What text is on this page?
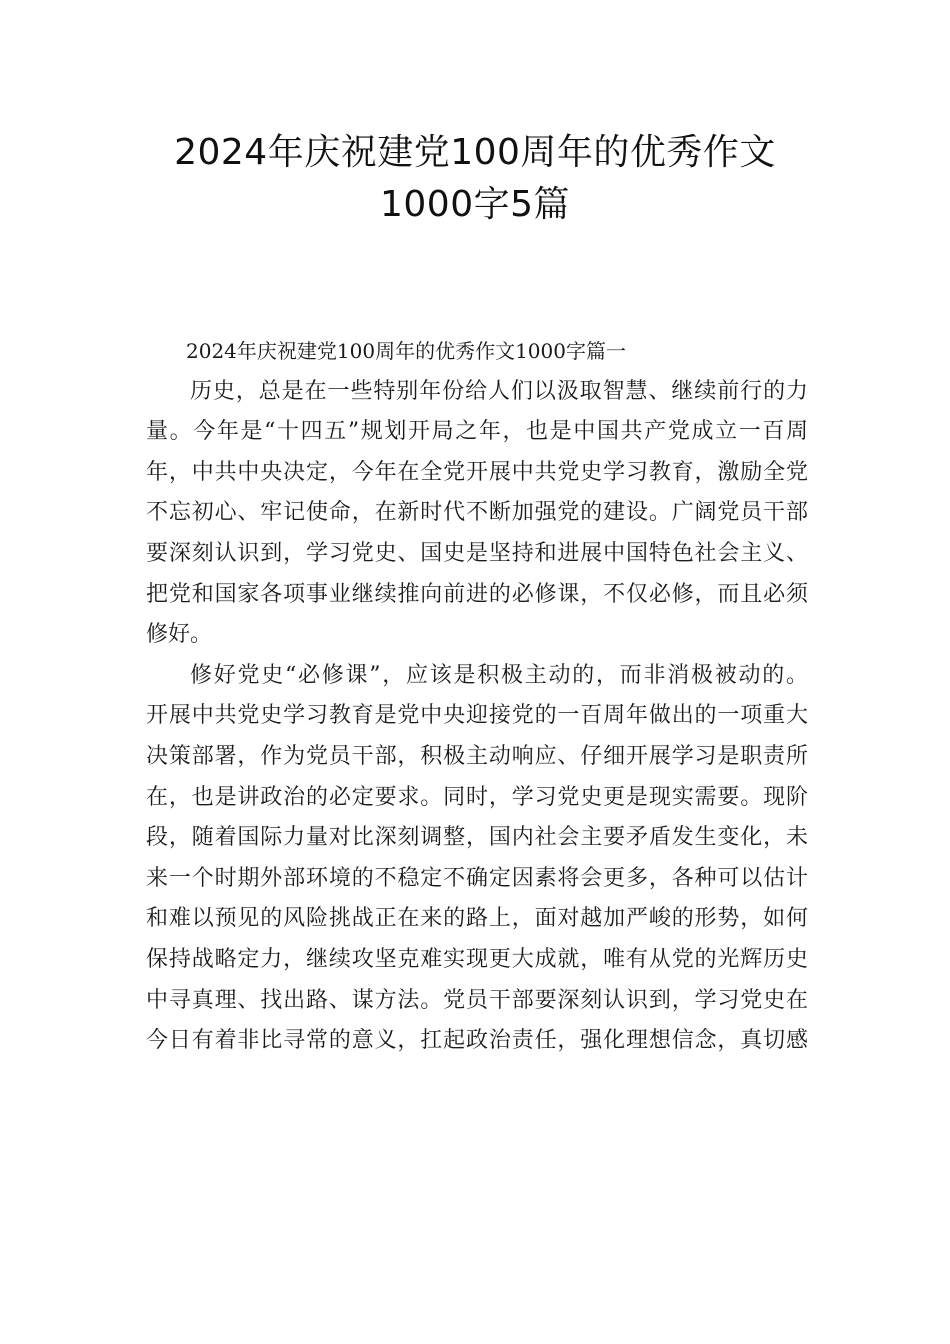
2024年庆祝建党100周年的优秀作文
1000字5篇
2024年庆祝建党100周年的优秀作文1000字篇一
历史，总是在一些特别年份给人们以汲取智慧、继续前行的力
量。今年是“十四五”规划开局之年，也是中国共产党成立一百周
年，中共中央决定，今年在全党开展中共党史学习教育，激励全党
不忘初心、牢记使命，在新时代不断加强党的建设。广阔党员干部
要深刻认识到，学习党史、国史是坚持和进展中国特色社会主义、
把党和国家各项事业继续推向前进的必修课，不仅必修，而且必须
修好。
修好党史“必修课”，应该是积极主动的，而非消极被动的。
开展中共党史学习教育是党中央迎接党的一百周年做出的一项重大
决策部署，作为党员干部，积极主动响应、仔细开展学习是职责所
在，也是讲政治的必定要求。同时，学习党史更是现实需要。现阶
段，随着国际力量对比深刻调整，国内社会主要矛盾发生变化，未
来一个时期外部环境的不稳定不确定因素将会更多，各种可以估计
和难以预见的风险挑战正在来的路上，面对越加严峻的形势，如何
保持战略定力，继续攻坚克难实现更大成就，唯有从党的光辉历史
中寻真理、找出路、谋方法。党员干部要深刻认识到，学习党史在
今日有着非比寻常的意义，扛起政治责任，强化理想信念，真切感
